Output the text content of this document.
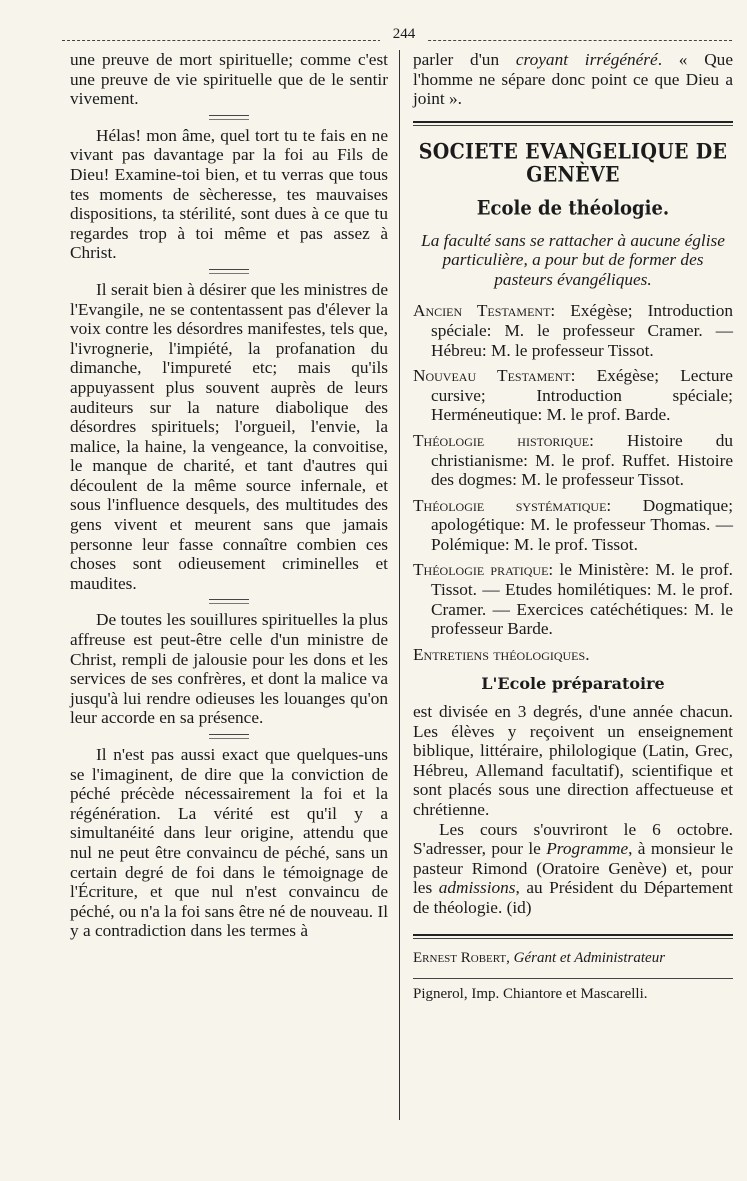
244

une preuve de mort spirituelle; comme c'est une preuve de vie spirituelle que de le sentir vivement.

Hélas! mon âme, quel tort tu te fais en ne vivant pas davantage par la foi au Fils de Dieu! Examine-toi bien, et tu verras que tous tes moments de sècheresse, tes mauvaises dispositions, ta stérilité, sont dues à ce que tu regardes trop à toi même et pas assez à Christ.

Il serait bien à désirer que les ministres de l'Evangile, ne se contentassent pas d'élever la voix contre les désordres manifestes, tels que, l'ivrognerie, l'impiété, la profanation du dimanche, l'impureté etc; mais qu'ils appuyassent plus souvent auprès de leurs auditeurs sur la nature diabolique des désordres spirituels; l'orgueil, l'envie, la malice, la haine, la vengeance, la convoitise, le manque de charité, et tant d'autres qui découlent de la même source infernale, et sous l'influence desquels, des multitudes des gens vivent et meurent sans que jamais personne leur fasse connaître combien ces choses sont odieusement criminelles et maudites.

De toutes les souillures spirituelles la plus affreuse est peut-être celle d'un ministre de Christ, rempli de jalousie pour les dons et les services de ses confrères, et dont la malice va jusqu'à lui rendre odieuses les louanges qu'on leur accorde en sa présence.

Il n'est pas aussi exact que quelques-uns se l'imaginent, de dire que la conviction de péché précède nécessairement la foi et la régénération. La vérité est qu'il y a simultanéité dans leur origine, attendu que nul ne peut être convaincu de péché, sans un certain degré de foi dans le témoignage de l'Écriture, et que nul n'est convaincu de péché, ou n'a la foi sans être né de nouveau. Il y a contradiction dans les termes à

parler d'un croyant irrégénéré. « Que l'homme ne sépare donc point ce que Dieu a joint ».

SOCIETE EVANGELIQUE DE GENÈVE
Ecole de théologie.

La faculté sans se rattacher à aucune église particulière, a pour but de former des pasteurs évangéliques.

Ancien Testament: Exégèse; Introduction spéciale: M. le professeur Cramer. — Hébreu: M. le professeur Tissot.

Nouveau Testament: Exégèse; Lecture cursive; Introduction spéciale; Herméneutique: M. le prof. Barde.

Théologie historique: Histoire du christianisme: M. le prof. Ruffet. Histoire des dogmes: M. le professeur Tissot.

Théologie systématique: Dogmatique; apologétique: M. le professeur Thomas. — Polémique: M. le prof. Tissot.

Théologie pratique: le Ministère: M. le prof. Tissot. — Etudes homilétiques: M. le prof. Cramer. — Exercices catéchétiques: M. le professeur Barde.

Entretiens théologiques.

L'Ecole préparatoire

est divisée en 3 degrés, d'une année chacun. Les élèves y reçoivent un enseignement biblique, littéraire, philologique (Latin, Grec, Hébreu, Allemand facultatif), scientifique et sont placés sous une direction affectueuse et chrétienne.

Les cours s'ouvriront le 6 octobre. S'adresser, pour le Programme, à monsieur le pasteur Rimond (Oratoire Genève) et, pour les admissions, au Président du Département de théologie. (id)

Ernest Robert, Gérant et Administrateur

Pignerol, Imp. Chiantore et Mascarelli.
